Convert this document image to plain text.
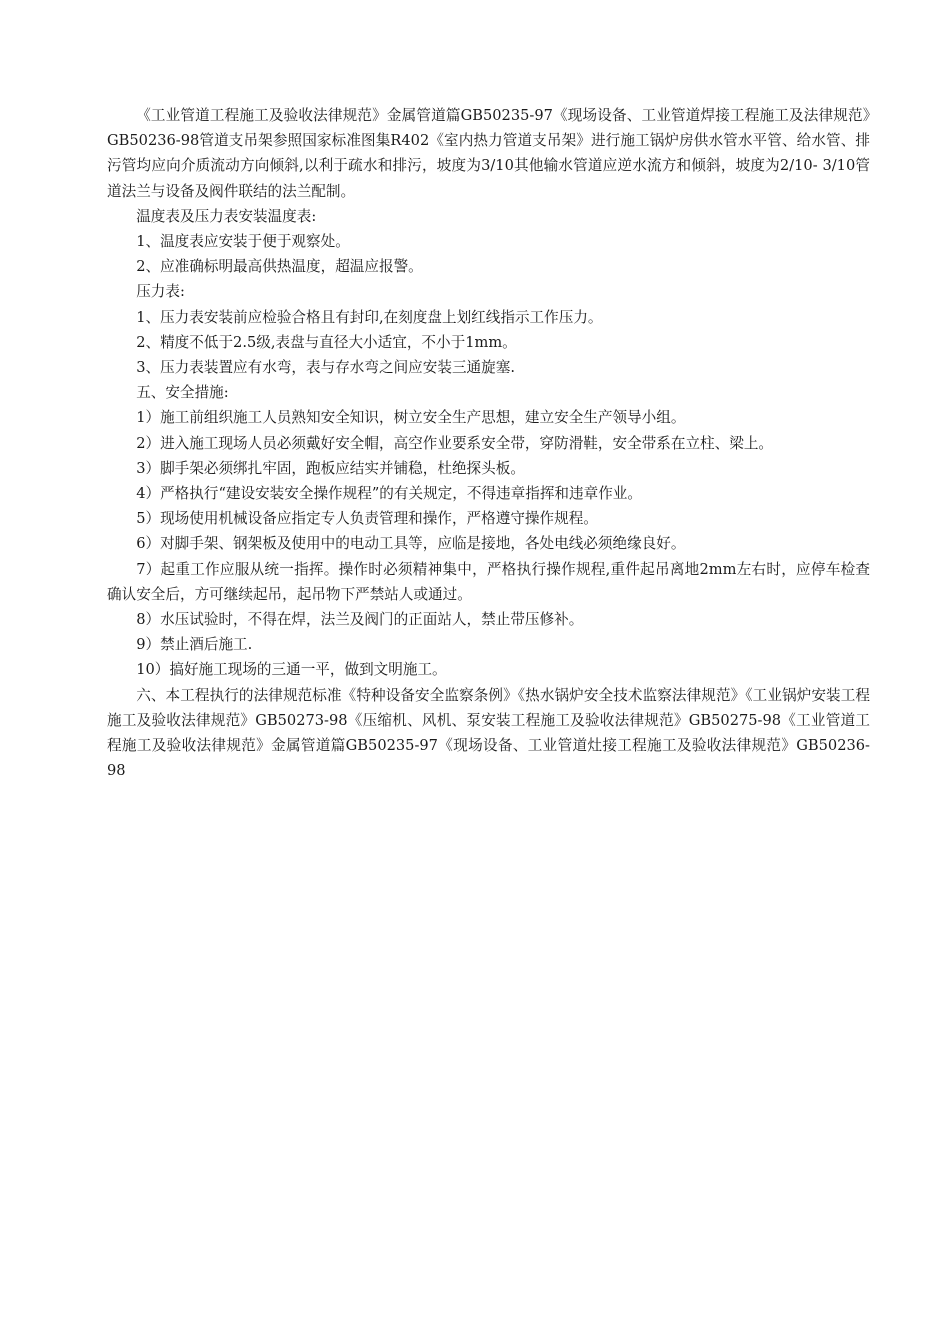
《工业管道工程施工及验收法律规范》金属管道篇GB50235-97《现场设备、工业管道焊接工程施工及法律规范》GB50236-98管道支吊架参照国家标准图集R402《室内热力管道支吊架》进行施工锅炉房供水管水平管、给水管、排污管均应向介质流动方向倾斜,以利于疏水和排污，坡度为3/10其他输水管道应逆水流方和倾斜，坡度为2/10- 3/10管道法兰与设备及阀件联结的法兰配制。

温度表及压力表安装温度表:

1、温度表应安装于便于观察处。

2、应准确标明最高供热温度，超温应报警。

压力表:

1、压力表安装前应检验合格且有封印,在刻度盘上划红线指示工作压力。

2、精度不低于2.5级,表盘与直径大小适宜，不小于1mm。

3、压力表装置应有水弯，表与存水弯之间应安装三通旋塞.

五、安全措施:

1）施工前组织施工人员熟知安全知识，树立安全生产思想，建立安全生产领导小组。

2）进入施工现场人员必须戴好安全帽，高空作业要系安全带，穿防滑鞋，安全带系在立柱、梁上。

3）脚手架必须绑扎牢固，跑板应结实并铺稳，杜绝探头板。

4）严格执行“建设安装安全操作规程”的有关规定，不得违章指挥和违章作业。

5）现场使用机械设备应指定专人负责管理和操作，严格遵守操作规程。

6）对脚手架、钢架板及使用中的电动工具等，应临是接地，各处电线必须绝缘良好。

7）起重工作应服从统一指挥。操作时必须精神集中，严格执行操作规程,重件起吊离地2mm左右时，应停车检查确认安全后，方可继续起吊，起吊物下严禁站人或通过。

8）水压试验时，不得在焊，法兰及阀门的正面站人，禁止带压修补。

9）禁止酒后施工.

10）搞好施工现场的三通一平，做到文明施工。

六、本工程执行的法律规范标准《特种设备安全监察条例》《热水锅炉安全技术监察法律规范》《工业锅炉安装工程施工及验收法律规范》GB50273-98《压缩机、风机、泵安装工程施工及验收法律规范》GB50275-98《工业管道工程施工及验收法律规范》金属管道篇GB50235-97《现场设备、工业管道灶接工程施工及验收法律规范》GB50236-98
